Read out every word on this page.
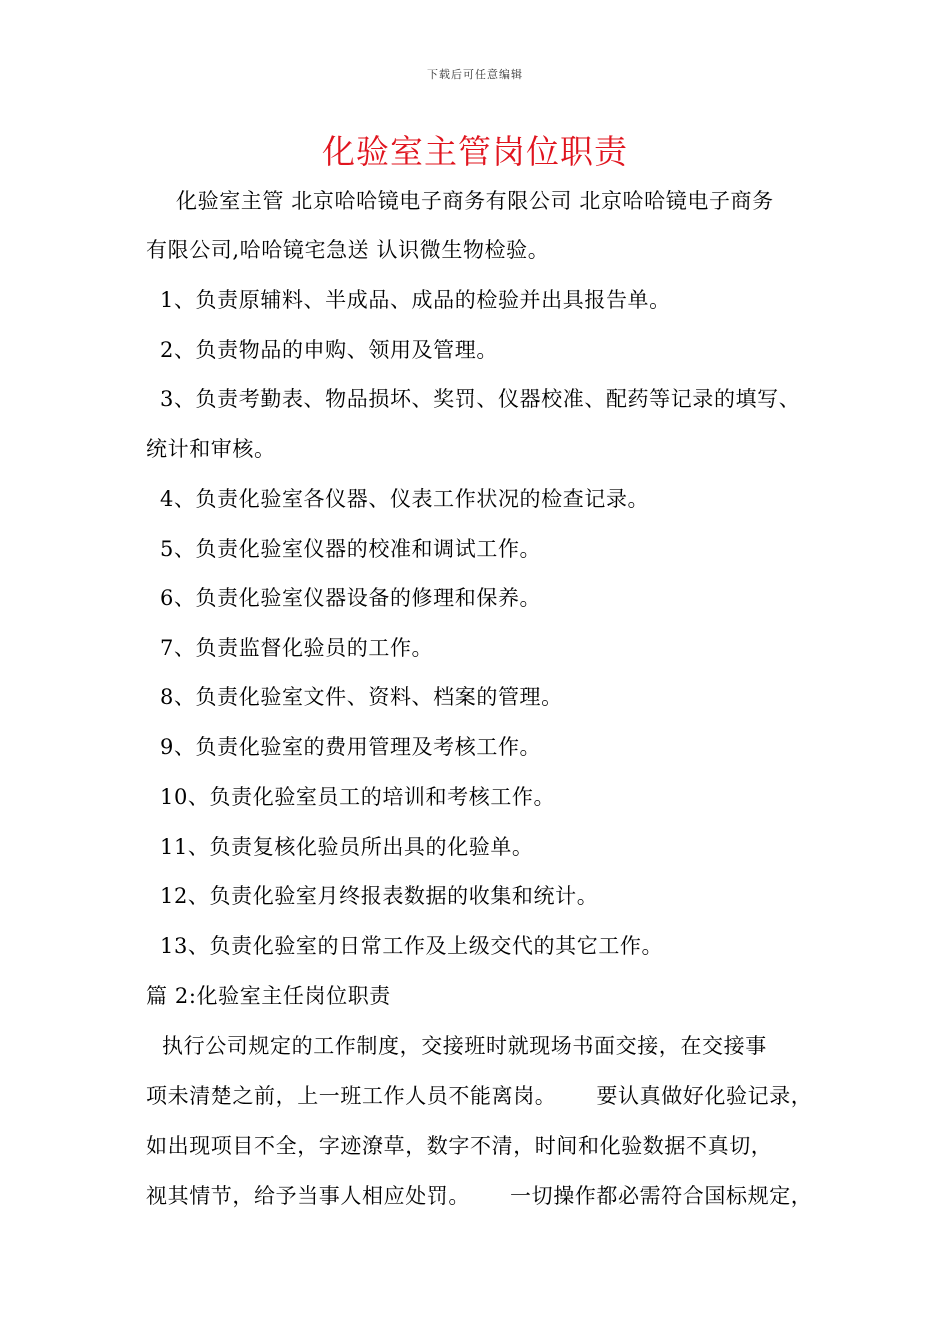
下载后可任意编辑
化验室主管岗位职责
化验室主管 北京哈哈镜电子商务有限公司 北京哈哈镜电子商务
有限公司,哈哈镜宅急送 认识微生物检验。
1、负责原辅料、半成品、成品的检验并出具报告单。
2、负责物品的申购、领用及管理。
3、负责考勤表、物品损坏、奖罚、仪器校准、配药等记录的填写、
统计和审核。
4、负责化验室各仪器、仪表工作状况的检查记录。
5、负责化验室仪器的校准和调试工作。
6、负责化验室仪器设备的修理和保养。
7、负责监督化验员的工作。
8、负责化验室文件、资料、档案的管理。
9、负责化验室的费用管理及考核工作。
10、负责化验室员工的培训和考核工作。
11、负责复核化验员所出具的化验单。
12、负责化验室月终报表数据的收集和统计。
13、负责化验室的日常工作及上级交代的其它工作。
篇 2:化验室主任岗位职责
执行公司规定的工作制度，交接班时就现场书面交接，在交接事
项未清楚之前，上一班工作人员不能离岗。 要认真做好化验记录，
如出现项目不全，字迹潦草，数字不清，时间和化验数据不真切，
视其情节，给予当事人相应处罚。 一切操作都必需符合国标规定，
